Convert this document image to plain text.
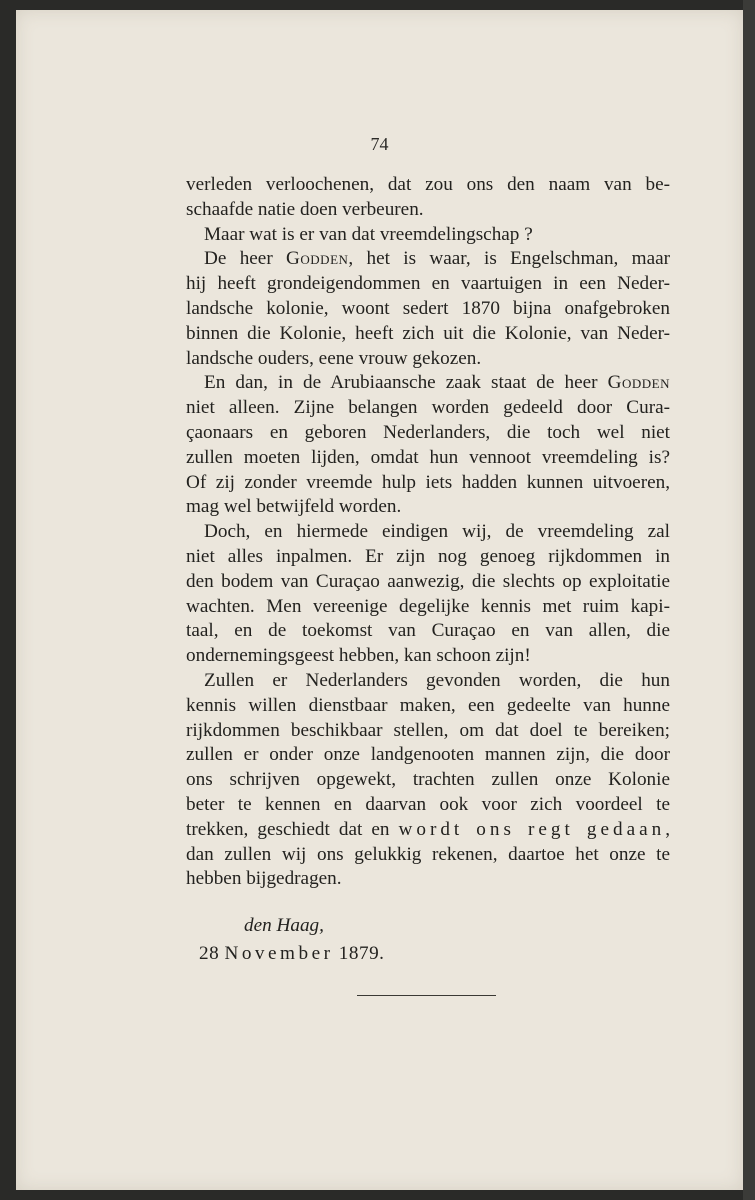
74
verleden verloochenen, dat zou ons den naam van be-
schaafde natie doen verbeuren.
Maar wat is er van dat vreemdelingschap ?
De heer Godden, het is waar, is Engelschman, maar
hij heeft grondeigendommen en vaartuigen in een Neder-
landsche kolonie, woont sedert 1870 bijna onafgebroken
binnen die Kolonie, heeft zich uit die Kolonie, van Neder-
landsche ouders, eene vrouw gekozen.
En dan, in de Arubiaansche zaak staat de heer Godden
niet alleen. Zijne belangen worden gedeeld door Cura-
çaonaars en geboren Nederlanders, die toch wel niet
zullen moeten lijden, omdat hun vennoot vreemdeling is?
Of zij zonder vreemde hulp iets hadden kunnen uitvoeren,
mag wel betwijfeld worden.
Doch, en hiermede eindigen wij, de vreemdeling zal
niet alles inpalmen. Er zijn nog genoeg rijkdommen in
den bodem van Curaçao aanwezig, die slechts op exploitatie
wachten. Men vereenige degelijke kennis met ruim kapi-
taal, en de toekomst van Curaçao en van allen, die
ondernemingsgeest hebben, kan schoon zijn!
Zullen er Nederlanders gevonden worden, die hun
kennis willen dienstbaar maken, een gedeelte van hunne
rijkdommen beschikbaar stellen, om dat doel te bereiken;
zullen er onder onze landgenooten mannen zijn, die door
ons schrijven opgewekt, trachten zullen onze Kolonie
beter te kennen en daarvan ook voor zich voordeel te
trekken, geschiedt dat en wordt ons regt gedaan,
dan zullen wij ons gelukkig rekenen, daartoe het onze te
hebben bijgedragen.
den Haag,
28 November 1879.
